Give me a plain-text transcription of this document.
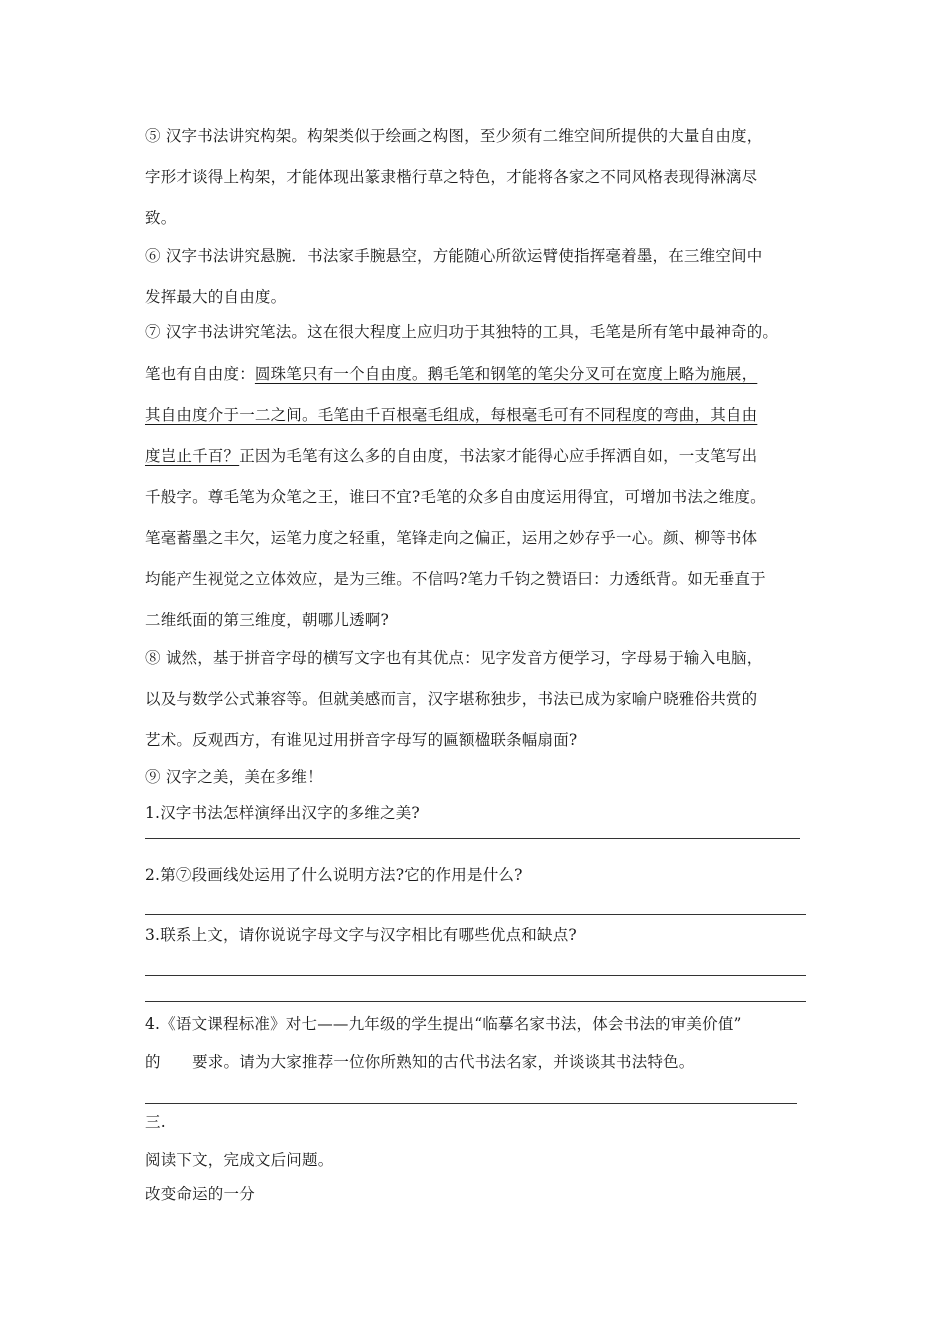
⑤ 汉字书法讲究构架。构架类似于绘画之构图，至少须有二维空间所提供的大量自由度，
字形才谈得上构架，才能体现出篆隶楷行草之特色，才能将各家之不同风格表现得淋漓尽
致。
⑥ 汉字书法讲究悬腕．书法家手腕悬空，方能随心所欲运臂使指挥毫着墨，在三维空间中
发挥最大的自由度。
⑦ 汉字书法讲究笔法。这在很大程度上应归功于其独特的工具，毛笔是所有笔中最神奇的。
笔也有自由度：圆珠笔只有一个自由度。鹅毛笔和钢笔的笔尖分叉可在宽度上略为施展，
其自由度介于一二之间。毛笔由千百根毫毛组成，每根毫毛可有不同程度的弯曲，其自由
度岂止千百？正因为毛笔有这么多的自由度，书法家才能得心应手挥洒自如，一支笔写出
千般字。尊毛笔为众笔之王，谁曰不宜?毛笔的众多自由度运用得宜，可增加书法之维度。
笔毫蓄墨之丰欠，运笔力度之轻重，笔锋走向之偏正，运用之妙存乎一心。颜、柳等书体
均能产生视觉之立体效应，是为三维。不信吗?笔力千钧之赞语曰：力透纸背。如无垂直于
二维纸面的第三维度，朝哪儿透啊?
⑧ 诚然，基于拼音字母的横写文字也有其优点：见字发音方便学习，字母易于输入电脑，
以及与数学公式兼容等。但就美感而言，汉字堪称独步，书法已成为家喻户晓雅俗共赏的
艺术。反观西方，有谁见过用拼音字母写的匾额楹联条幅扇面?
⑨ 汉字之美，美在多维！
1.汉字书法怎样演绎出汉字的多维之美?
2.第⑦段画线处运用了什么说明方法?它的作用是什么?
3.联系上文，请你说说字母文字与汉字相比有哪些优点和缺点?
4.《语文课程标准》对七——九年级的学生提出“临摹名家书法，体会书法的审美价值”
的　　要求。请为大家推荐一位你所熟知的古代书法名家，并谈谈其书法特色。
三.
阅读下文，完成文后问题。
改变命运的一分
